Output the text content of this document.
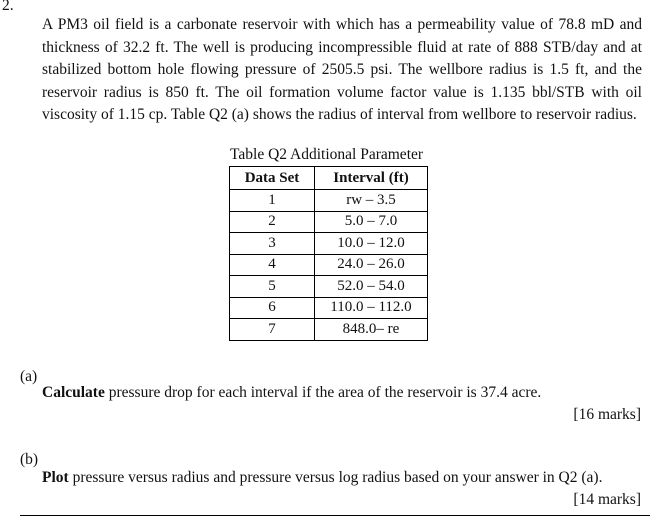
2.
A PM3 oil field is a carbonate reservoir with which has a permeability value of 78.8 mD and thickness of 32.2 ft. The well is producing incompressible fluid at rate of 888 STB/day and at stabilized bottom hole flowing pressure of 2505.5 psi. The wellbore radius is 1.5 ft, and the reservoir radius is 850 ft. The oil formation volume factor value is 1.135 bbl/STB with oil viscosity of 1.15 cp. Table Q2 (a) shows the radius of interval from wellbore to reservoir radius.
Table Q2 Additional Parameter
Data Set	Interval (ft)
1	rw – 3.5
2	5.0 – 7.0
3	10.0 – 12.0
4	24.0 – 26.0
5	52.0 – 54.0
6	110.0 – 112.0
7	848.0– re
(a)
Calculate pressure drop for each interval if the area of the reservoir is 37.4 acre.
[16 marks]
(b)
Plot pressure versus radius and pressure versus log radius based on your answer in Q2 (a).
[14 marks]
